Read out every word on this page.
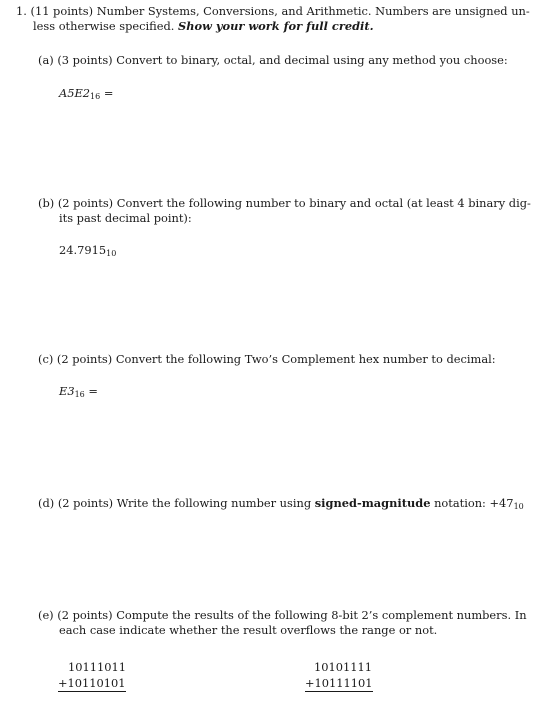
1. (11 points) Number Systems, Conversions, and Arithmetic. Numbers are unsigned un-
less otherwise specified. Show your work for full credit.
(a) (3 points) Convert to binary, octal, and decimal using any method you choose:
$A5E2_{16}$ =
(b) (2 points) Convert the following number to binary and octal (at least 4 binary dig-
its past decimal point):
$24.7915_{10}$
(c) (2 points) Convert the following Two’s Complement hex number to decimal:
$E3_{16}$ =
(d) (2 points) Write the following number using signed-magnitude notation: $+47_{10}$
(e) (2 points) Compute the results of the following 8-bit 2’s complement numbers. In
each case indicate whether the result overflows the range or not.
10111011
+10110101
10101111
+10111101
